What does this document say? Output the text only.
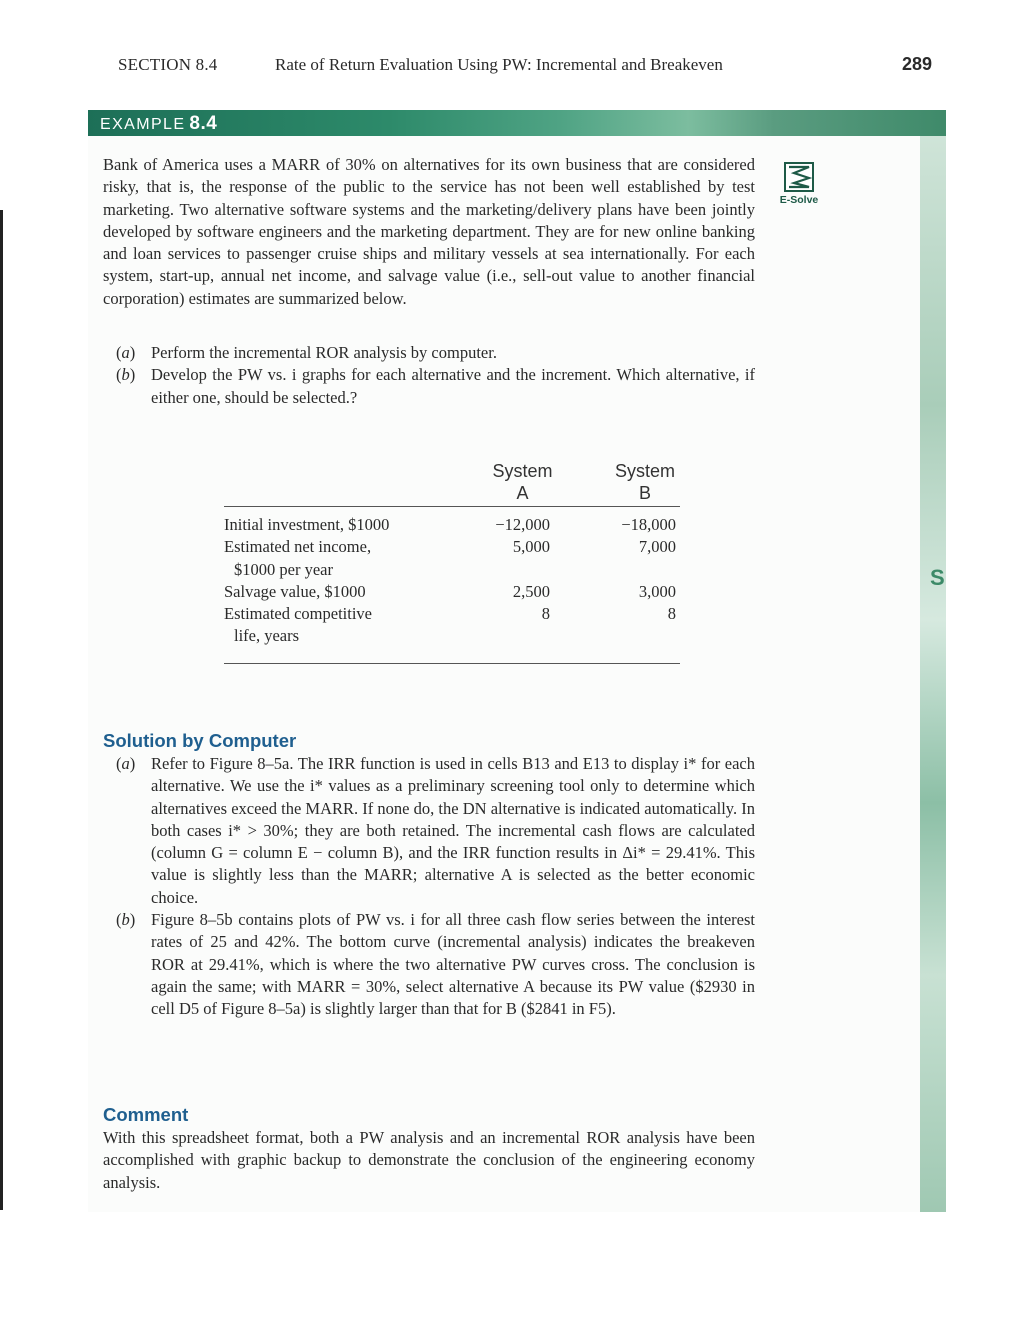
SECTION 8.4	Rate of Return Evaluation Using PW: Incremental and Breakeven	289
S
EXAMPLE 8.4
E-Solve
Bank of America uses a MARR of 30% on alternatives for its own business that are considered risky, that is, the response of the public to the service has not been well established by test marketing. Two alternative software systems and the marketing/delivery plans have been jointly developed by software engineers and the marketing department. They are for new online banking and loan services to passenger cruise ships and military vessels at sea internationally. For each system, start-up, annual net income, and salvage value (i.e., sell-out value to another financial corporation) estimates are summarized below.
( a )	Perform the incremental ROR analysis by computer.
( b )	Develop the PW vs. i graphs for each alternative and the increment. Which alternative, if either one, should be selected.?
System	System
A	B
Initial investment, $1000	−12,000	−18,000
Estimated net income,
$1000 per year
5,000	7,000
Salvage value, $1000	2,500	3,000
Estimated competitive
life, years
8	8
Solution by Computer
( a )	Refer to Figure 8–5a. The IRR function is used in cells B13 and E13 to display i* for each alternative. We use the i* values as a preliminary screening tool only to determine which alternatives exceed the MARR. If none do, the DN alternative is indicated automatically. In both cases i* > 30%; they are both retained. The incremental cash flows are calculated (column G = column E − column B), and the IRR function results in Δi* = 29.41%. This value is slightly less than the MARR; alternative A is selected as the better economic choice.
( b )	Figure 8–5b contains plots of PW vs. i for all three cash flow series between the interest rates of 25 and 42%. The bottom curve (incremental analysis) indicates the breakeven ROR at 29.41%, which is where the two alternative PW curves cross. The conclusion is again the same; with MARR = 30%, select alternative A because its PW value ($2930 in cell D5 of Figure 8–5a) is slightly larger than that for B ($2841 in F5).
Comment
With this spreadsheet format, both a PW analysis and an incremental ROR analysis have been accomplished with graphic backup to demonstrate the conclusion of the engineering economy analysis.
